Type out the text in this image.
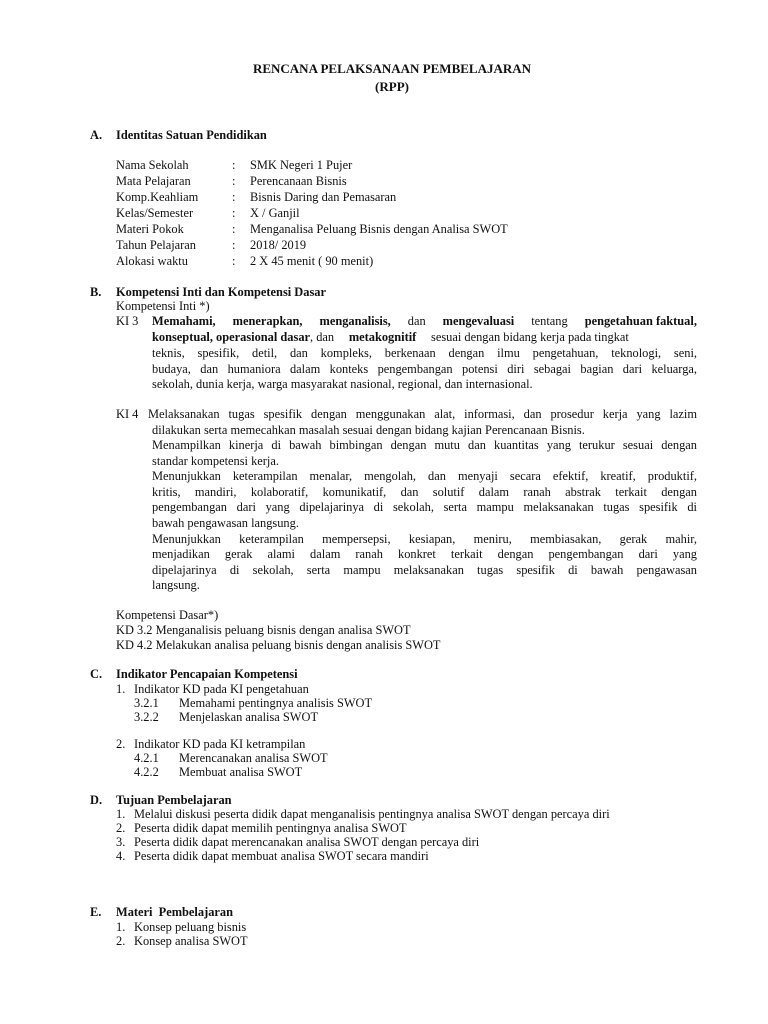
RENCANA PELAKSANAAN PEMBELAJARAN
(RPP)
A. Identitas Satuan Pendidikan
Nama Sekolah	: SMK Negeri 1 Pujer
Mata Pelajaran	: Perencanaan Bisnis
Komp.Keahliam	: Bisnis Daring dan Pemasaran
Kelas/Semester	: X / Ganjil
Materi Pokok	: Menganalisa Peluang Bisnis dengan Analisa SWOT
Tahun Pelajaran	: 2018/ 2019
Alokasi waktu	: 2 X 45 menit ( 90 menit)
B. Kompetensi Inti dan Kompetensi Dasar
Kompetensi Inti *)
KI 3 Memahami, menerapkan, menganalisis, dan mengevaluasi tentang pengetahuan faktual,
konseptual, operasional dasar, dan metakognitif sesuai dengan bidang kerja pada tingkat
teknis, spesifik, detil, dan kompleks, berkenaan dengan ilmu pengetahuan, teknologi, seni,
budaya, dan humaniora dalam konteks pengembangan potensi diri sebagai bagian dari keluarga,
sekolah, dunia kerja, warga masyarakat nasional, regional, dan internasional.
KI 4 Melaksanakan tugas spesifik dengan menggunakan alat, informasi, dan prosedur kerja yang lazim
dilakukan serta memecahkan masalah sesuai dengan bidang kajian Perencanaan Bisnis.
Menampilkan kinerja di bawah bimbingan dengan mutu dan kuantitas yang terukur sesuai dengan
standar kompetensi kerja.
Menunjukkan keterampilan menalar, mengolah, dan menyaji secara efektif, kreatif, produktif,
kritis, mandiri, kolaboratif, komunikatif, dan solutif dalam ranah abstrak terkait dengan
pengembangan dari yang dipelajarinya di sekolah, serta mampu melaksanakan tugas spesifik di
bawah pengawasan langsung.
Menunjukkan keterampilan mempersepsi, kesiapan, meniru, membiasakan, gerak mahir,
menjadikan gerak alami dalam ranah konkret terkait dengan pengembangan dari yang
dipelajarinya di sekolah, serta mampu melaksanakan tugas spesifik di bawah pengawasan
langsung.
Kompetensi Dasar*)
KD 3.2 Menganalisis peluang bisnis dengan analisa SWOT
KD 4.2 Melakukan analisa peluang bisnis dengan analisis SWOT
C. Indikator Pencapaian Kompetensi
1. Indikator KD pada KI pengetahuan
3.2.1 Memahami pentingnya analisis SWOT
3.2.2 Menjelaskan analisa SWOT
2. Indikator KD pada KI ketrampilan
4.2.1 Merencanakan analisa SWOT
4.2.2 Membuat analisa SWOT
D. Tujuan Pembelajaran
1. Melalui diskusi peserta didik dapat menganalisis pentingnya analisa SWOT dengan percaya diri
2. Peserta didik dapat memilih pentingnya analisa SWOT
3. Peserta didik dapat merencanakan analisa SWOT dengan percaya diri
4. Peserta didik dapat membuat analisa SWOT secara mandiri
E. Materi  Pembelajaran
1. Konsep peluang bisnis
2. Konsep analisa SWOT
